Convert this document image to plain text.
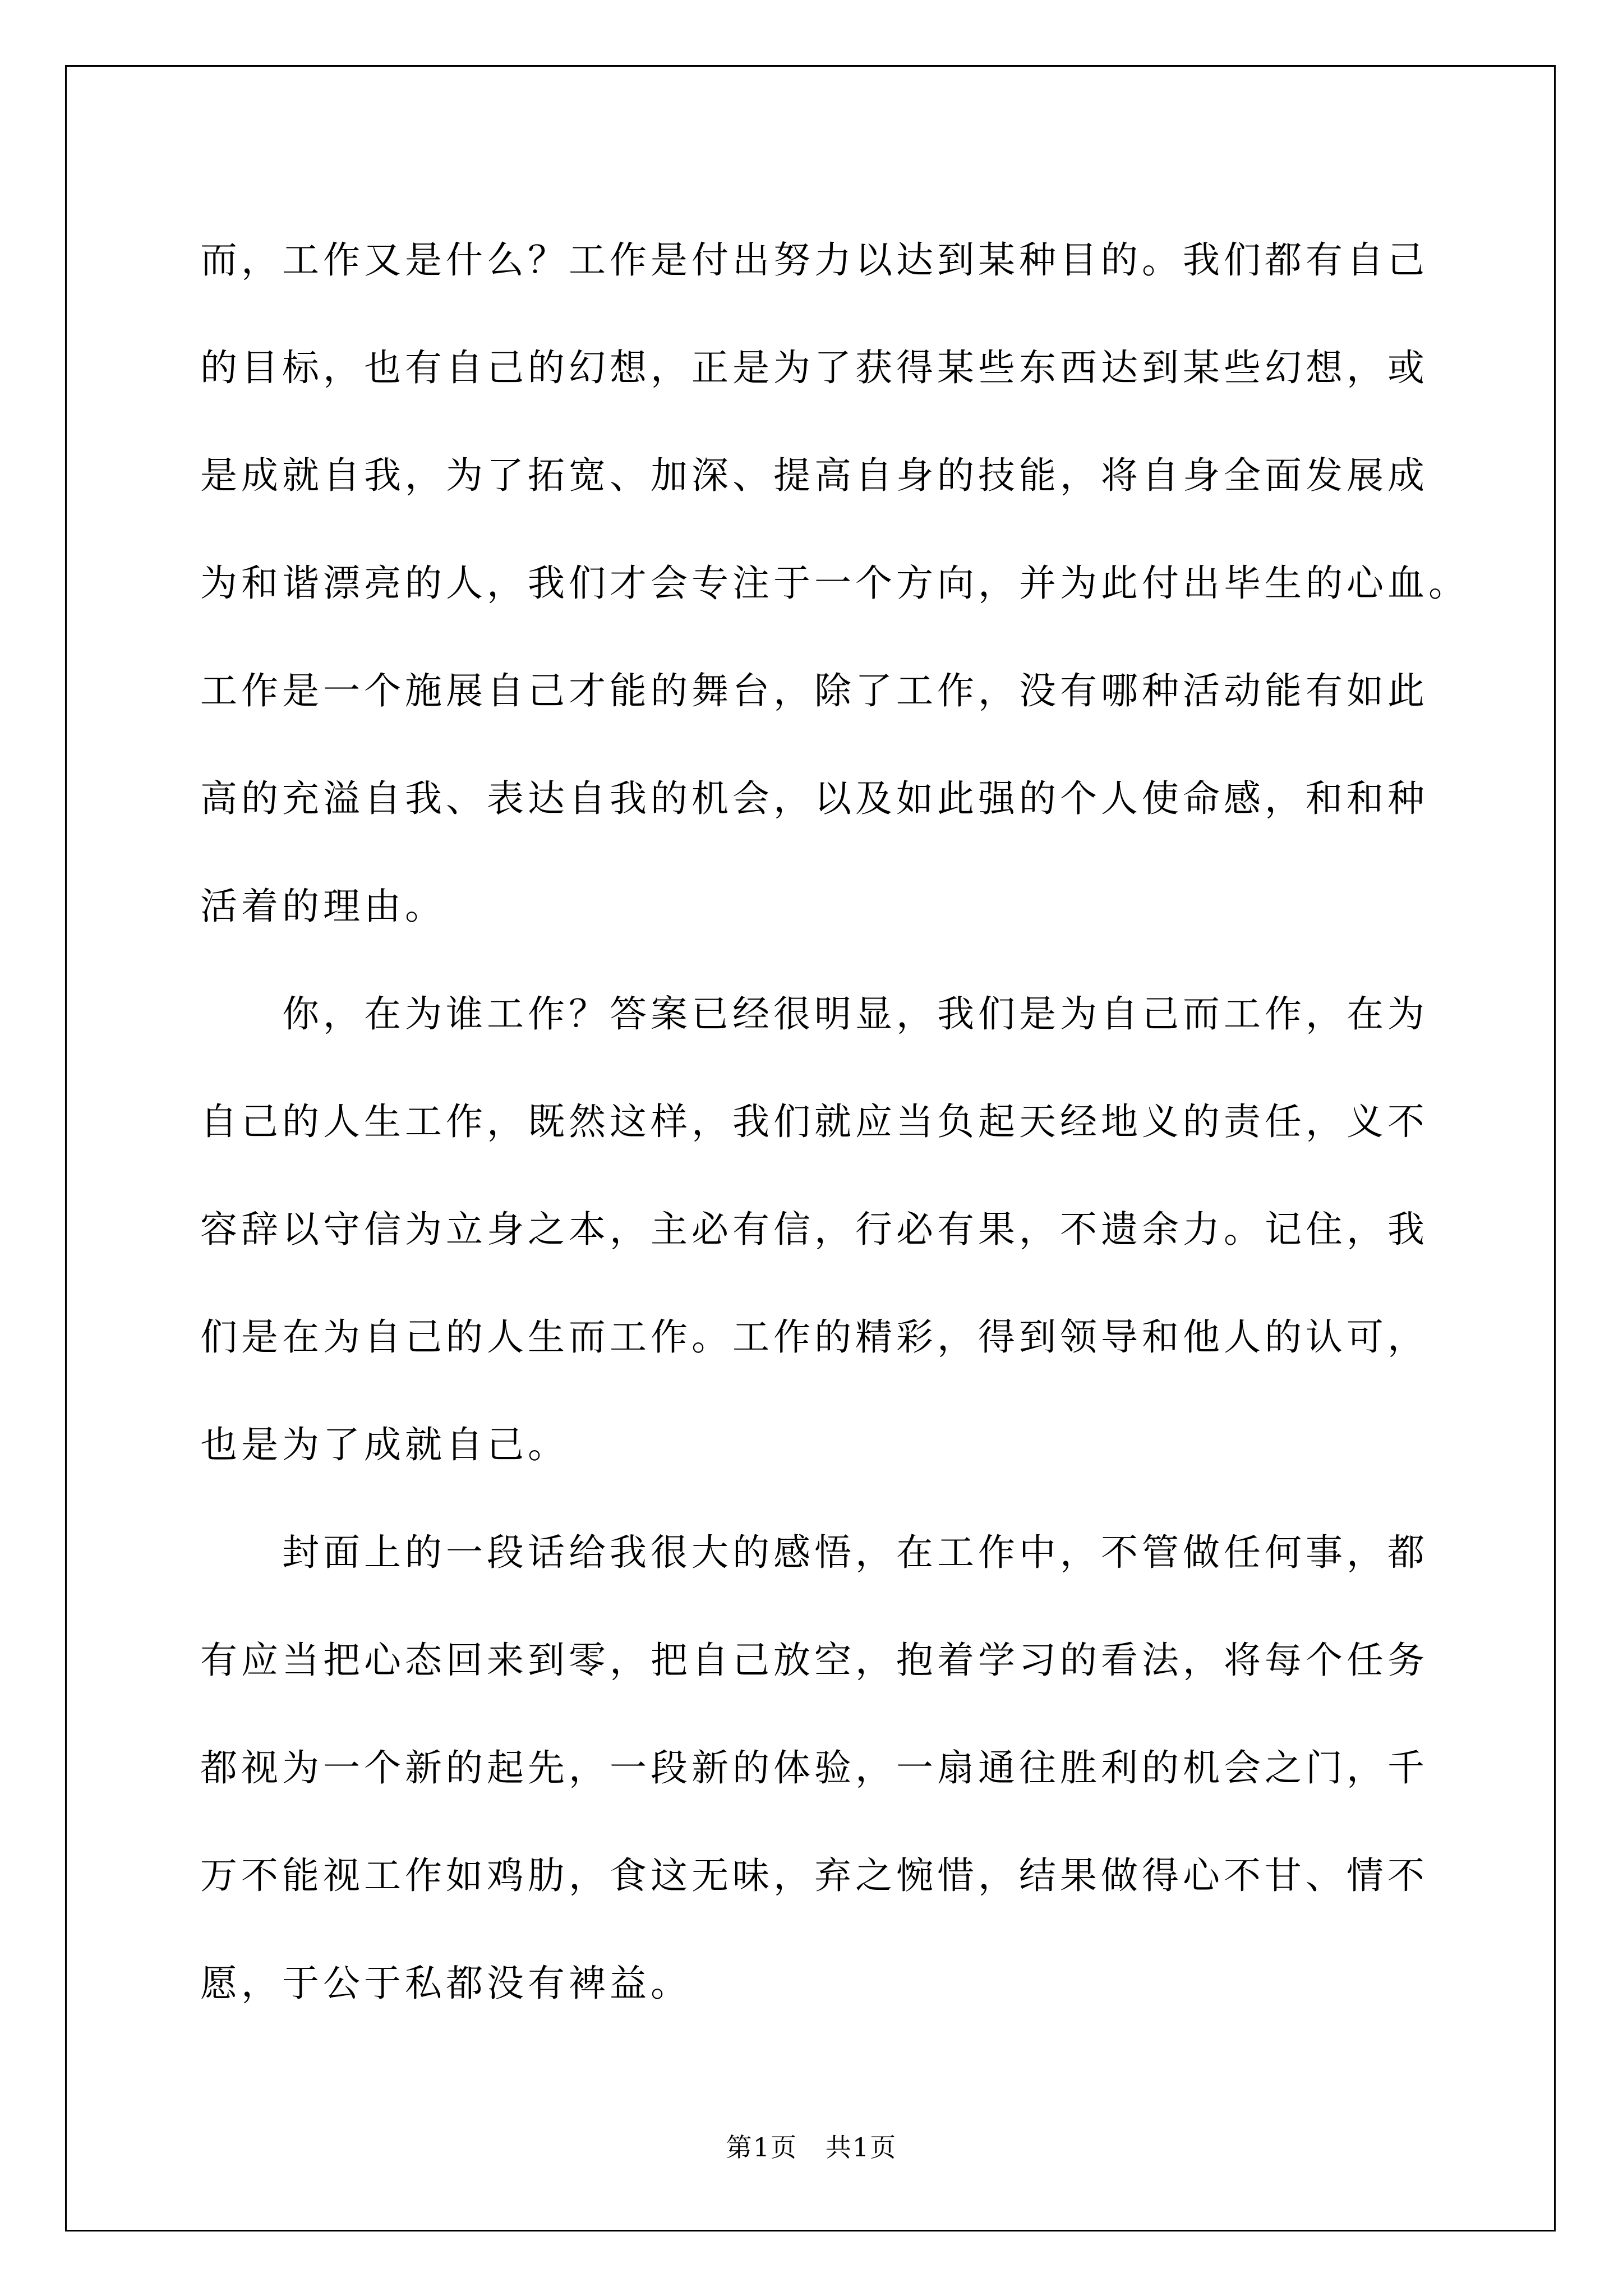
而，工作又是什么？工作是付出努力以达到某种目的。我们都有自己
的目标，也有自己的幻想，正是为了获得某些东西达到某些幻想，或
是成就自我，为了拓宽、加深、提高自身的技能，将自身全面发展成
为和谐漂亮的人，我们才会专注于一个方向，并为此付出毕生的心血。
工作是一个施展自己才能的舞台，除了工作，没有哪种活动能有如此
高的充溢自我、表达自我的机会，以及如此强的个人使命感，和和种
活着的理由。
　　你，在为谁工作？答案已经很明显，我们是为自己而工作，在为
自己的人生工作，既然这样，我们就应当负起天经地义的责任，义不
容辞以守信为立身之本，主必有信，行必有果，不遗余力。记住，我
们是在为自己的人生而工作。工作的精彩，得到领导和他人的认可，
也是为了成就自己。
　　封面上的一段话给我很大的感悟，在工作中，不管做任何事，都
有应当把心态回来到零，把自己放空，抱着学习的看法，将每个任务
都视为一个新的起先，一段新的体验，一扇通往胜利的机会之门，千
万不能视工作如鸡肋，食这无味，弃之惋惜，结果做得心不甘、情不
愿，于公于私都没有裨益。
第1页   共1页
